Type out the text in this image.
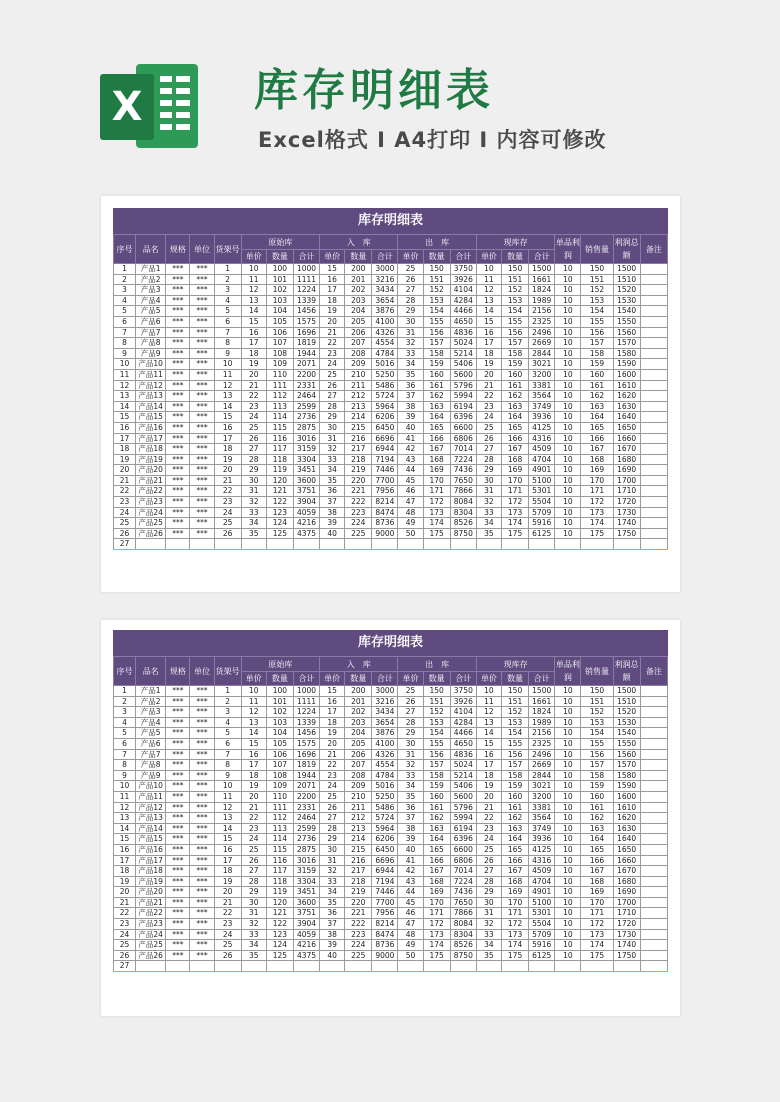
X	库存明细表
Excel格式 I A4打印 I 内容可修改
库存明细表
序号	品名	规格	单位	货架号	原始库			入　库			出　库			现库存			单品利润	销售量	利润总额	备注
					单价	数量	合计	单价	数量	合计	单价	数量	合计	单价	数量	合计				
1	产品1	***	***	1	10	100	1000	15	200	3000	25	150	3750	10	150	1500	10	150	1500	
2	产品2	***	***	2	11	101	1111	16	201	3216	26	151	3926	11	151	1661	10	151	1510	
3	产品3	***	***	3	12	102	1224	17	202	3434	27	152	4104	12	152	1824	10	152	1520	
4	产品4	***	***	4	13	103	1339	18	203	3654	28	153	4284	13	153	1989	10	153	1530	
5	产品5	***	***	5	14	104	1456	19	204	3876	29	154	4466	14	154	2156	10	154	1540	
6	产品6	***	***	6	15	105	1575	20	205	4100	30	155	4650	15	155	2325	10	155	1550	
7	产品7	***	***	7	16	106	1696	21	206	4326	31	156	4836	16	156	2496	10	156	1560	
8	产品8	***	***	8	17	107	1819	22	207	4554	32	157	5024	17	157	2669	10	157	1570	
9	产品9	***	***	9	18	108	1944	23	208	4784	33	158	5214	18	158	2844	10	158	1580	
10	产品10	***	***	10	19	109	2071	24	209	5016	34	159	5406	19	159	3021	10	159	1590	
11	产品11	***	***	11	20	110	2200	25	210	5250	35	160	5600	20	160	3200	10	160	1600	
12	产品12	***	***	12	21	111	2331	26	211	5486	36	161	5796	21	161	3381	10	161	1610	
13	产品13	***	***	13	22	112	2464	27	212	5724	37	162	5994	22	162	3564	10	162	1620	
14	产品14	***	***	14	23	113	2599	28	213	5964	38	163	6194	23	163	3749	10	163	1630	
15	产品15	***	***	15	24	114	2736	29	214	6206	39	164	6396	24	164	3936	10	164	1640	
16	产品16	***	***	16	25	115	2875	30	215	6450	40	165	6600	25	165	4125	10	165	1650	
17	产品17	***	***	17	26	116	3016	31	216	6696	41	166	6806	26	166	4316	10	166	1660	
18	产品18	***	***	18	27	117	3159	32	217	6944	42	167	7014	27	167	4509	10	167	1670	
19	产品19	***	***	19	28	118	3304	33	218	7194	43	168	7224	28	168	4704	10	168	1680	
20	产品20	***	***	20	29	119	3451	34	219	7446	44	169	7436	29	169	4901	10	169	1690	
21	产品21	***	***	21	30	120	3600	35	220	7700	45	170	7650	30	170	5100	10	170	1700	
22	产品22	***	***	22	31	121	3751	36	221	7956	46	171	7866	31	171	5301	10	171	1710	
23	产品23	***	***	23	32	122	3904	37	222	8214	47	172	8084	32	172	5504	10	172	1720	
24	产品24	***	***	24	33	123	4059	38	223	8474	48	173	8304	33	173	5709	10	173	1730	
25	产品25	***	***	25	34	124	4216	39	224	8736	49	174	8526	34	174	5916	10	174	1740	
26	产品26	***	***	26	35	125	4375	40	225	9000	50	175	8750	35	175	6125	10	175	1750	
27																				
库存明细表
序号	品名	规格	单位	货架号	原始库			入　库			出　库			现库存			单品利润	销售量	利润总额	备注
					单价	数量	合计	单价	数量	合计	单价	数量	合计	单价	数量	合计				
1	产品1	***	***	1	10	100	1000	15	200	3000	25	150	3750	10	150	1500	10	150	1500	
2	产品2	***	***	2	11	101	1111	16	201	3216	26	151	3926	11	151	1661	10	151	1510	
3	产品3	***	***	3	12	102	1224	17	202	3434	27	152	4104	12	152	1824	10	152	1520	
4	产品4	***	***	4	13	103	1339	18	203	3654	28	153	4284	13	153	1989	10	153	1530	
5	产品5	***	***	5	14	104	1456	19	204	3876	29	154	4466	14	154	2156	10	154	1540	
6	产品6	***	***	6	15	105	1575	20	205	4100	30	155	4650	15	155	2325	10	155	1550	
7	产品7	***	***	7	16	106	1696	21	206	4326	31	156	4836	16	156	2496	10	156	1560	
8	产品8	***	***	8	17	107	1819	22	207	4554	32	157	5024	17	157	2669	10	157	1570	
9	产品9	***	***	9	18	108	1944	23	208	4784	33	158	5214	18	158	2844	10	158	1580	
10	产品10	***	***	10	19	109	2071	24	209	5016	34	159	5406	19	159	3021	10	159	1590	
11	产品11	***	***	11	20	110	2200	25	210	5250	35	160	5600	20	160	3200	10	160	1600	
12	产品12	***	***	12	21	111	2331	26	211	5486	36	161	5796	21	161	3381	10	161	1610	
13	产品13	***	***	13	22	112	2464	27	212	5724	37	162	5994	22	162	3564	10	162	1620	
14	产品14	***	***	14	23	113	2599	28	213	5964	38	163	6194	23	163	3749	10	163	1630	
15	产品15	***	***	15	24	114	2736	29	214	6206	39	164	6396	24	164	3936	10	164	1640	
16	产品16	***	***	16	25	115	2875	30	215	6450	40	165	6600	25	165	4125	10	165	1650	
17	产品17	***	***	17	26	116	3016	31	216	6696	41	166	6806	26	166	4316	10	166	1660	
18	产品18	***	***	18	27	117	3159	32	217	6944	42	167	7014	27	167	4509	10	167	1670	
19	产品19	***	***	19	28	118	3304	33	218	7194	43	168	7224	28	168	4704	10	168	1680	
20	产品20	***	***	20	29	119	3451	34	219	7446	44	169	7436	29	169	4901	10	169	1690	
21	产品21	***	***	21	30	120	3600	35	220	7700	45	170	7650	30	170	5100	10	170	1700	
22	产品22	***	***	22	31	121	3751	36	221	7956	46	171	7866	31	171	5301	10	171	1710	
23	产品23	***	***	23	32	122	3904	37	222	8214	47	172	8084	32	172	5504	10	172	1720	
24	产品24	***	***	24	33	123	4059	38	223	8474	48	173	8304	33	173	5709	10	173	1730	
25	产品25	***	***	25	34	124	4216	39	224	8736	49	174	8526	34	174	5916	10	174	1740	
26	产品26	***	***	26	35	125	4375	40	225	9000	50	175	8750	35	175	6125	10	175	1750	
27																				
